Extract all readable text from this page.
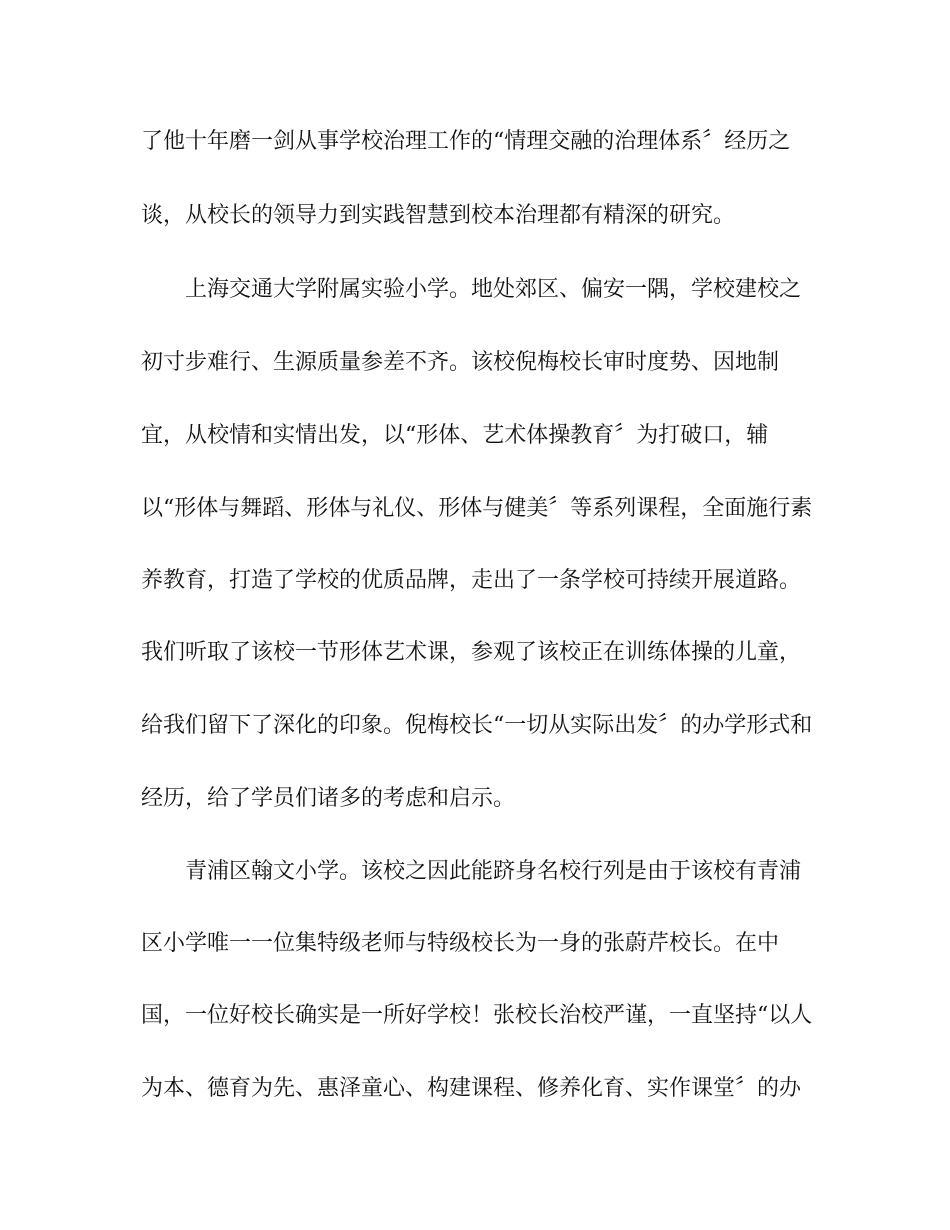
了他十年磨一剑从事学校治理工作的“情理交融的治理体系〞经历之
谈，从校长的领导力到实践智慧到校本治理都有精深的研究。
上海交通大学附属实验小学。地处郊区、偏安一隅，学校建校之
初寸步难行、生源质量参差不齐。该校倪梅校长审时度势、因地制
宜，从校情和实情出发，以“形体、艺术体操教育〞为打破口，辅
以“形体与舞蹈、形体与礼仪、形体与健美〞等系列课程，全面施行素
养教育，打造了学校的优质品牌，走出了一条学校可持续开展道路。
我们听取了该校一节形体艺术课，参观了该校正在训练体操的儿童，
给我们留下了深化的印象。倪梅校长“一切从实际出发〞的办学形式和
经历，给了学员们诸多的考虑和启示。
青浦区翰文小学。该校之因此能跻身名校行列是由于该校有青浦
区小学唯一一位集特级老师与特级校长为一身的张蔚芹校长。在中
国，一位好校长确实是一所好学校！张校长治校严谨，一直坚持“以人
为本、德育为先、惠泽童心、构建课程、修养化育、实作课堂〞的办
